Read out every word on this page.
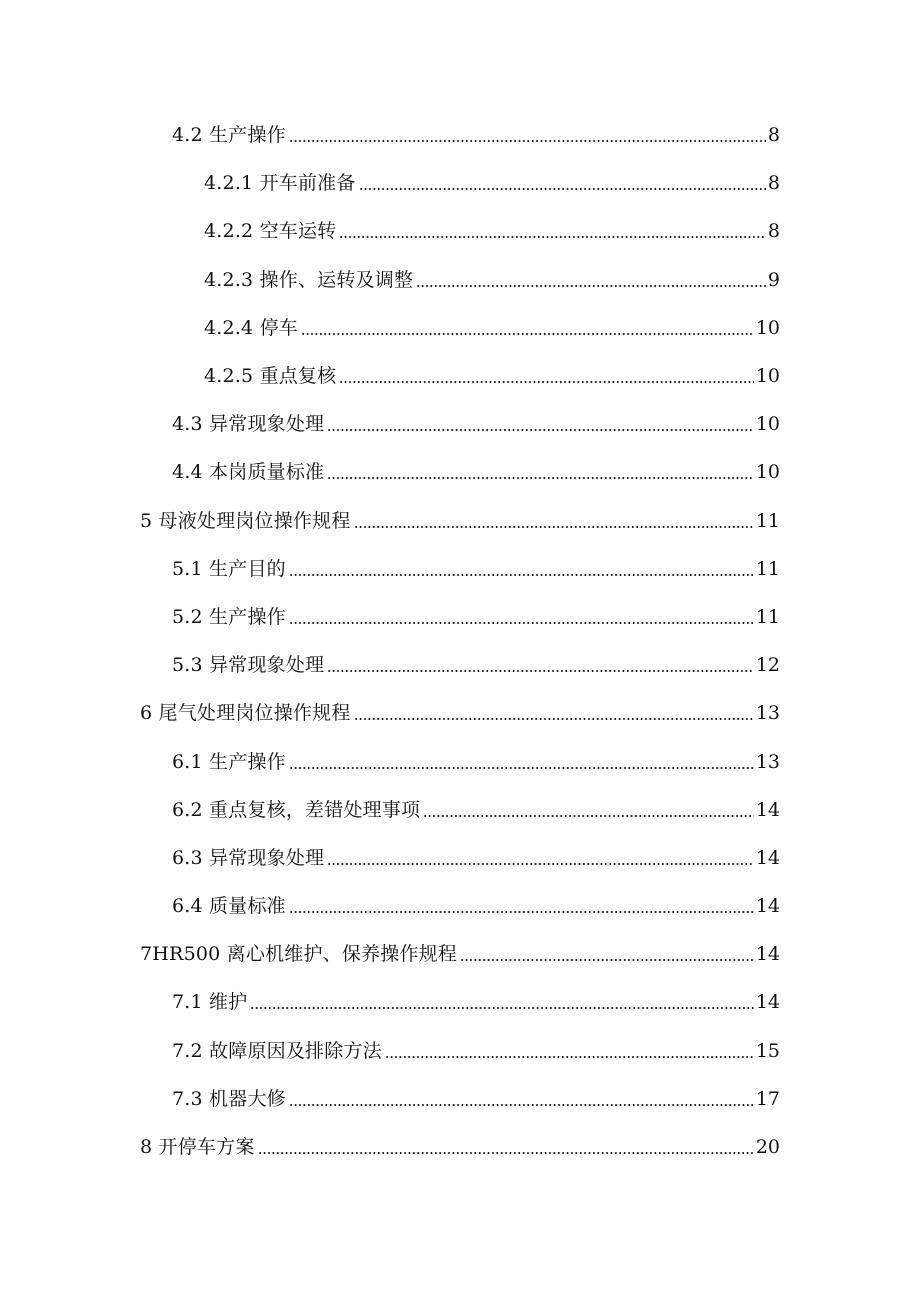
4.2 生产操作	8
4.2.1 开车前准备	8
4.2.2 空车运转	8
4.2.3 操作、运转及调整	9
4.2.4 停车	10
4.2.5 重点复核	10
4.3 异常现象处理	10
4.4 本岗质量标准	10
5 母液处理岗位操作规程	11
5.1 生产目的	11
5.2 生产操作	11
5.3 异常现象处理	12
6 尾气处理岗位操作规程	13
6.1 生产操作	13
6.2 重点复核，差错处理事项	14
6.3 异常现象处理	14
6.4 质量标准	14
7HR500 离心机维护、保养操作规程	14
7.1 维护	14
7.2 故障原因及排除方法	15
7.3 机器大修	17
8 开停车方案	20
